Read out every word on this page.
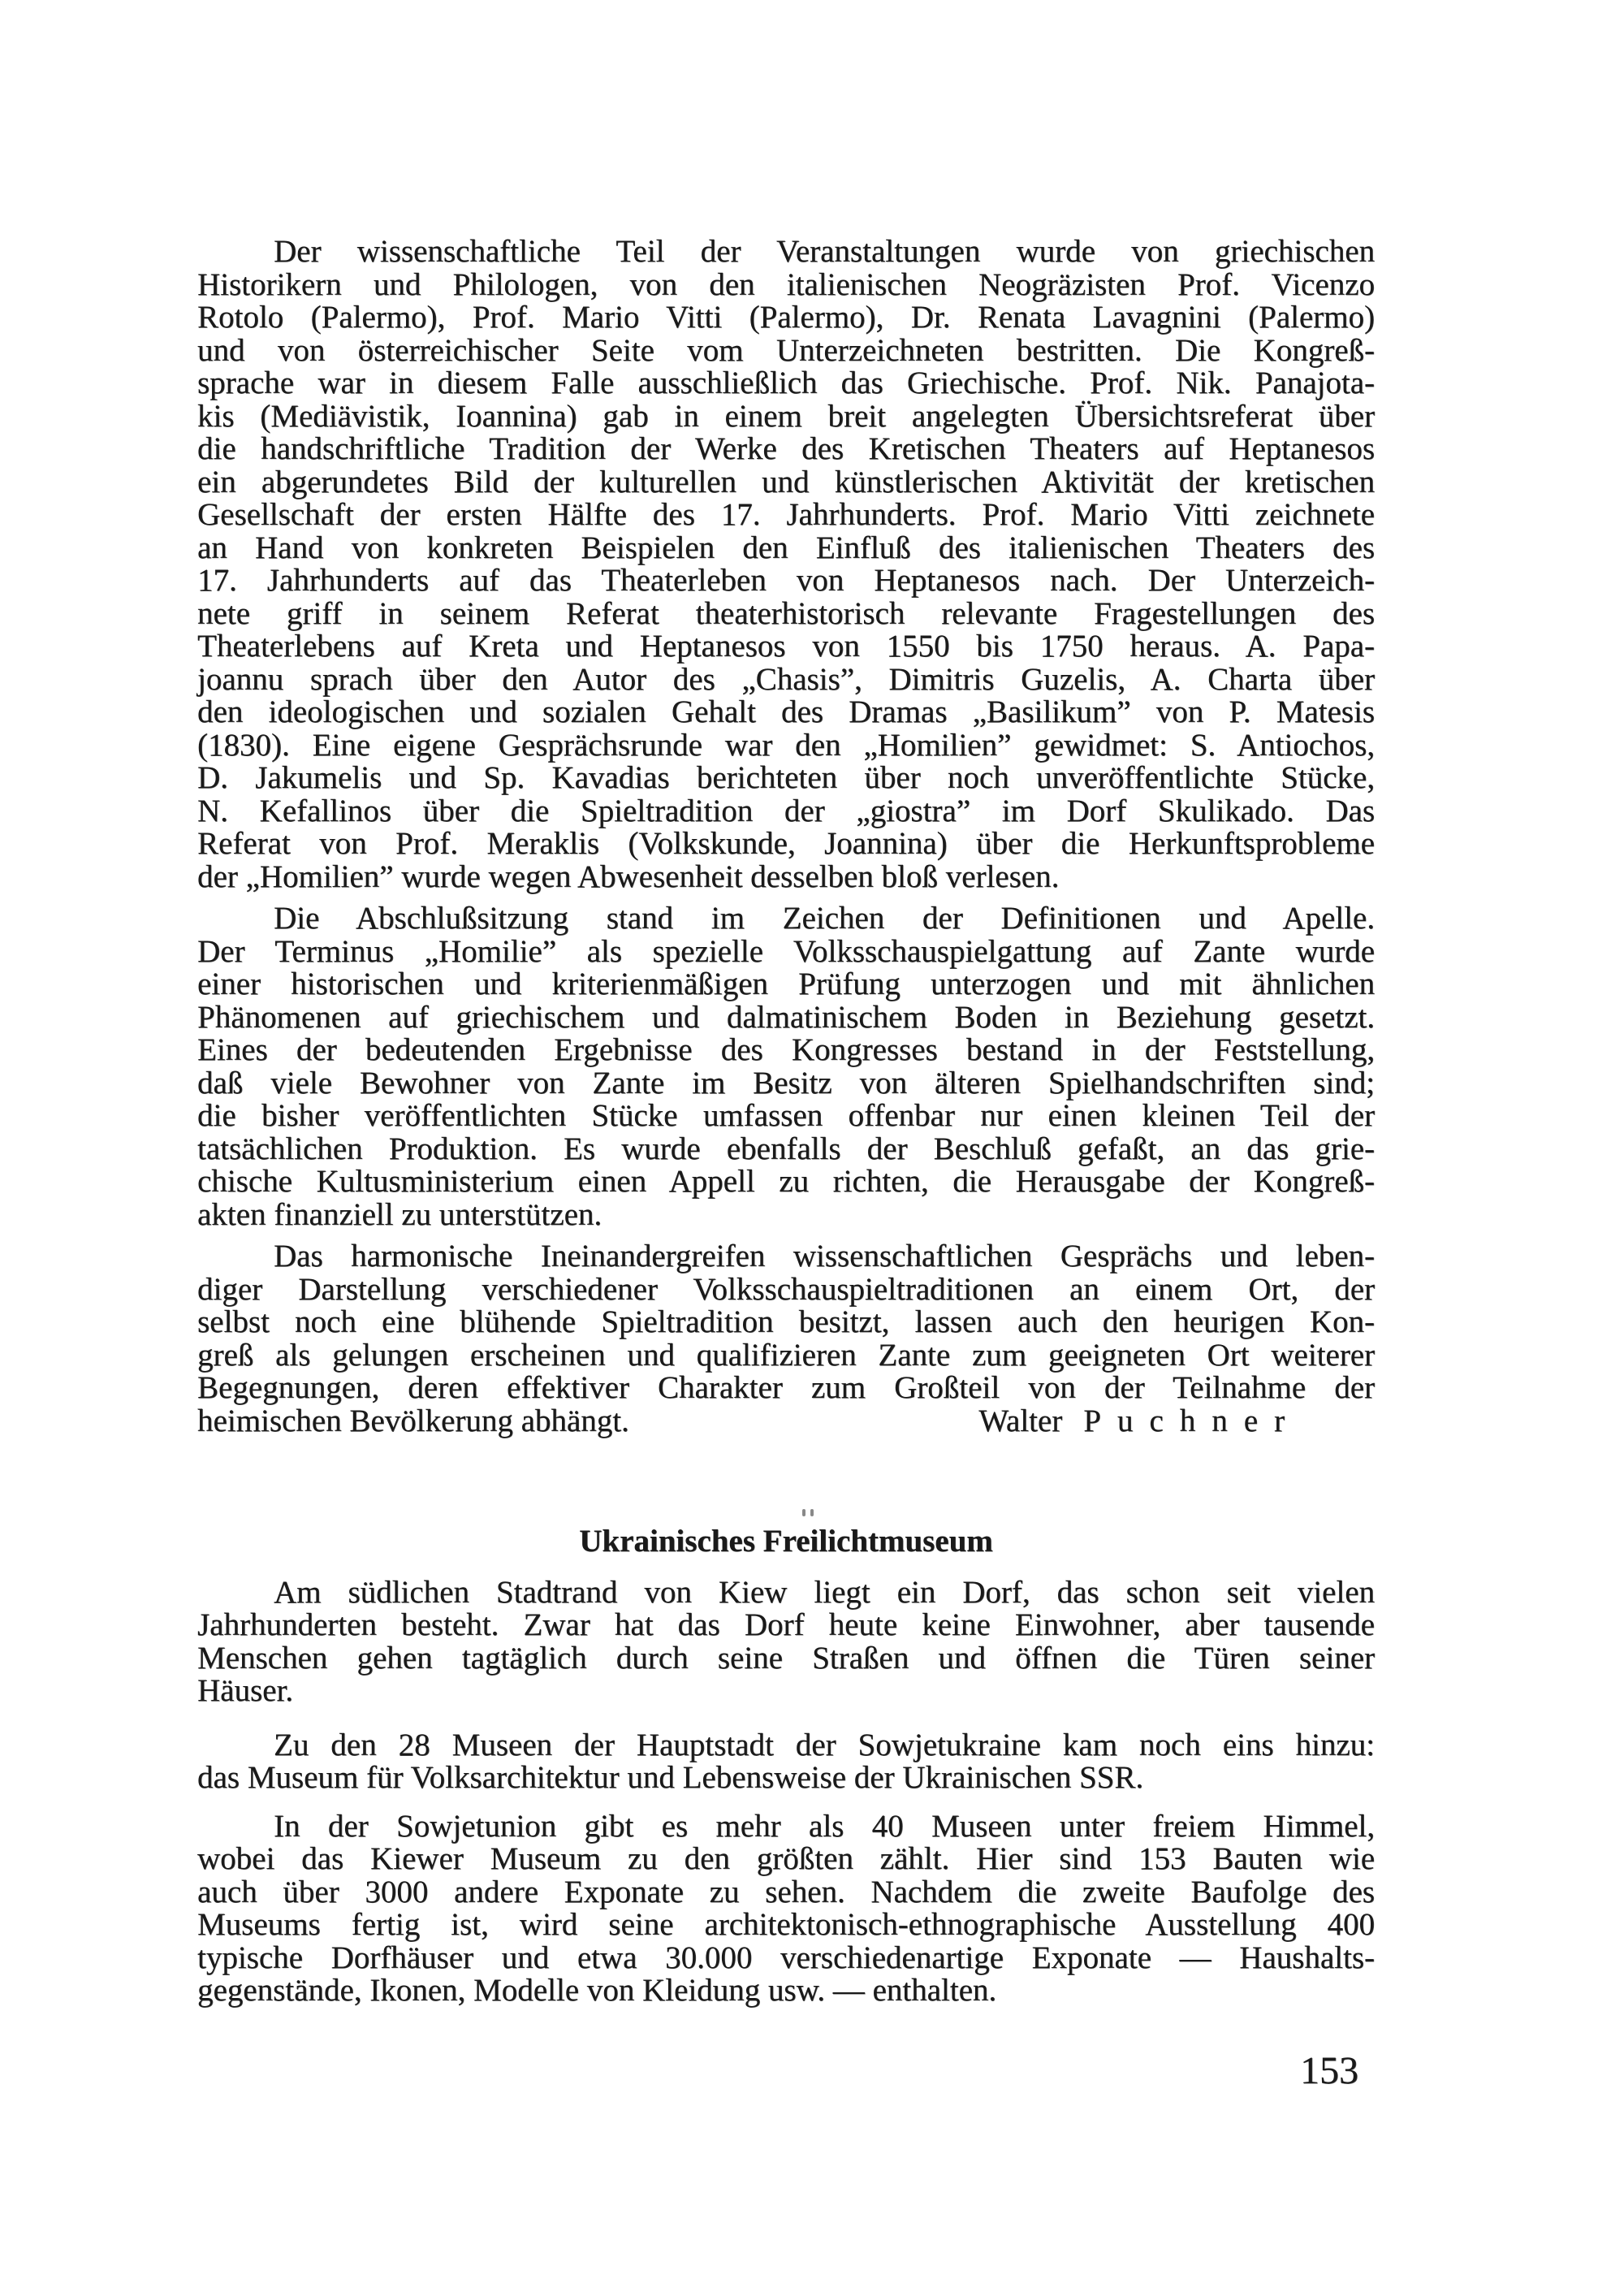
Der wissenschaftliche Teil der Veranstaltungen wurde von griechischen
Historikern und Philologen, von den italienischen Neogräzisten Prof. Vicenzo
Rotolo (Palermo), Prof. Mario Vitti (Palermo), Dr. Renata Lavagnini (Palermo)
und von österreichischer Seite vom Unterzeichneten bestritten. Die Kongreß-
sprache war in diesem Falle ausschließlich das Griechische. Prof. Nik. Panajota-
kis (Mediävistik, Ioannina) gab in einem breit angelegten Übersichtsreferat über
die handschriftliche Tradition der Werke des Kretischen Theaters auf Heptanesos
ein abgerundetes Bild der kulturellen und künstlerischen Aktivität der kretischen
Gesellschaft der ersten Hälfte des 17. Jahrhunderts. Prof. Mario Vitti zeichnete
an Hand von konkreten Beispielen den Einfluß des italienischen Theaters des
17. Jahrhunderts auf das Theaterleben von Heptanesos nach. Der Unterzeich-
nete griff in seinem Referat theaterhistorisch relevante Fragestellungen des
Theaterlebens auf Kreta und Heptanesos von 1550 bis 1750 heraus. A. Papa-
joannu sprach über den Autor des „Chasis”, Dimitris Guzelis, A. Charta über
den ideologischen und sozialen Gehalt des Dramas „Basilikum” von P. Matesis
(1830). Eine eigene Gesprächsrunde war den „Homilien” gewidmet: S. Antiochos,
D. Jakumelis und Sp. Kavadias berichteten über noch unveröffentlichte Stücke,
N. Kefallinos über die Spieltradition der „giostra” im Dorf Skulikado. Das
Referat von Prof. Meraklis (Volkskunde, Joannina) über die Herkunftsprobleme
der „Homilien” wurde wegen Abwesenheit desselben bloß verlesen.
Die Abschlußsitzung stand im Zeichen der Definitionen und Apelle.
Der Terminus „Homilie” als spezielle Volksschauspielgattung auf Zante wurde
einer historischen und kriterienmäßigen Prüfung unterzogen und mit ähnlichen
Phänomenen auf griechischem und dalmatinischem Boden in Beziehung gesetzt.
Eines der bedeutenden Ergebnisse des Kongresses bestand in der Feststellung,
daß viele Bewohner von Zante im Besitz von älteren Spielhandschriften sind;
die bisher veröffentlichten Stücke umfassen offenbar nur einen kleinen Teil der
tatsächlichen Produktion. Es wurde ebenfalls der Beschluß gefaßt, an das grie-
chische Kultusministerium einen Appell zu richten, die Herausgabe der Kongreß-
akten finanziell zu unterstützen.
Das harmonische Ineinandergreifen wissenschaftlichen Gesprächs und leben-
diger Darstellung verschiedener Volksschauspieltraditionen an einem Ort, der
selbst noch eine blühende Spieltradition besitzt, lassen auch den heurigen Kon-
greß als gelungen erscheinen und qualifizieren Zante zum geeigneten Ort weiterer
Begegnungen, deren effektiver Charakter zum Großteil von der Teilnahme der
heimischen Bevölkerung abhängt.	Walter Puchner
Ukrainisches Freilichtmuseum
Am südlichen Stadtrand von Kiew liegt ein Dorf, das schon seit vielen
Jahrhunderten besteht. Zwar hat das Dorf heute keine Einwohner, aber tausende
Menschen gehen tagtäglich durch seine Straßen und öffnen die Türen seiner
Häuser.
Zu den 28 Museen der Hauptstadt der Sowjetukraine kam noch eins hinzu:
das Museum für Volksarchitektur und Lebensweise der Ukrainischen SSR.
In der Sowjetunion gibt es mehr als 40 Museen unter freiem Himmel,
wobei das Kiewer Museum zu den größten zählt. Hier sind 153 Bauten wie
auch über 3000 andere Exponate zu sehen. Nachdem die zweite Baufolge des
Museums fertig ist, wird seine architektonisch-ethnographische Ausstellung 400
typische Dorfhäuser und etwa 30.000 verschiedenartige Exponate — Haushalts-
gegenstände, Ikonen, Modelle von Kleidung usw. — enthalten.
153
